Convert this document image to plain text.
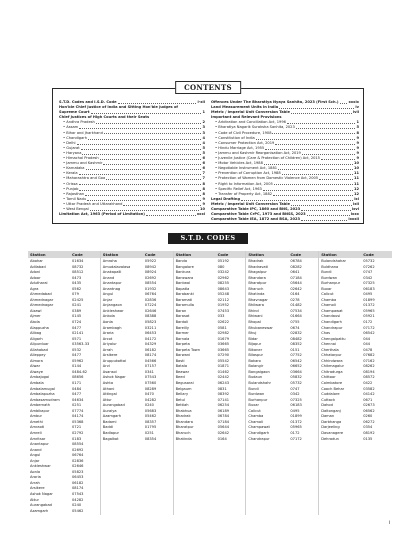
CONTENTS
S.T.D. Codes and I.S.D. Code	i-xii
Hon'ble Chief Justice of India and Sitting Hon'ble Judges of
Supreme Court	1
Chief Justices of High Courts and their Seats
• Andhra Pradesh	2
• Assam	3
• Bihar and Jharkhand	3
• Chandigarh	4
• Delhi	4
• Gujarat	5
• Haryana	5
• Himachal Pradesh	6
• Jammu and Kashmir	6
• Karnataka	6
• Kerala	7
• Maharashtra and Goa	7
• Orissa	8
• Punjab	8
• Rajasthan	8
• Tamil Nadu	9
• Uttar Pradesh and Uttarakhand	9
• West Bengal	10
Limitation Act, 1963 (Period of Limitation)	xxxi
Offences Under The Bharatiya Nyaya Sanhita, 2023 (First Sch.)	xxxix
Land Measurement Units in India	lv
Metric / Imperial Unit Conversion Table	lvii
Important and Relevant Provisions
• Arbitration and Conciliation Act, 1996	1
• Bharatiya Nagarik Suraksha Sanhita, 2023	5
• Code of Civil Procedure, 1908	8
• Constitution of India	9
• Consumer Protection Act, 2019	9
• Hindu Marriage Act, 1955	9
• Jammu and Kashmir Reorganisation Act, 2019	9
• Juvenile Justice (Care & Protection of Children) Act, 2015	9
• Motor Vehicles Act, 1988	10
• Negotiable Instrument Act, 1881	10
• Prevention of Corruption Act, 1988	11
• Protection of Women from Domestic Violence Act, 2005	11
• Right to Information Act, 2005	11
• Specific Relief Act, 1963	12
• Transfer of Property Act, 1882	12
Legal Drafting	lxi
Metric / Imperial Unit Conversion Table	lxii
Comparative Table IPC, 1860 and BNS, 2023	lxvi
Comparative Table CrPC, 1973 and BNSS, 2023	lxxx
Comparative Table IEA, 1872 and BSA, 2023	lxxxii
S.T.D. CODES
Station	Code	Station	Code	Station	Code	Station	Code	Station	Code
Abohar	01634
Adilabad	08732
Adoni	08512
Adoor	0473
Adutharai	0435
Agra	0562
Ahmedabad	079
Ahmednagar	02425
Ahmednagar	0241
Aizawl	0389
Ajmer	0145
Akola	0724
Alappuzha	0477
Alibag	02141
Aligarh	0571
Alipurduar	03563-33
Allahabad	0532
Alleppey	0477
Almora	05962
Alwar	0144
Alwaye	0484-62
Ambajogai	08656
Ambala	0171
Ambalamugal	0484
Ambalapuzha	0477
Ambasamudram	04634
Ambernath	0251
Ambikapur	07774
Ambur	04174
Amethi	05368
Amraoti	0721
Amreli	02792
Amritsar	0183
Anantapur	08554
Anand	02692
Angul	06764
Anjar	02836
Ankleshwar	02646
Aonla	05823
Araria	06453
Arrah	06182
Arsikere	08174
Ashok Nagar	07543
Attur	04282
Aurangabad	0240
Azamgarh	05462
Amroha	05922
Amudalavalasa	08942
Anakapalli	08924
Anand	02692
Anantapur	08554
Anantnag	01932
Angul	06764
Anjar	02836
Anjangaon	07224
Ankleshwar	02646
Ankola	08388
Aonla	05823
Arambagh	03211
Araria	06453
Arcot	04172
Ariyalur	04329
Arrah	06182
Arsikere	08174
Aruppukottai	04566
Arvi	07157
Asansol	0341
Ashok Nagar	07543
Ashta	07560
Athani	08289
Attingal	0470
Attur	04282
Aurangabad	0240
Auraiya	05683
Azamgarh	05462
Badami	08357
Baddi	01795
Badlapur	0251
Bagalkot	08354
Banda	05192
Bangalore	080
Bankura	03242
Banswara	02962
Bantwal	08255
Bapatla	08643
Barabanki	05248
Baramati	02112
Baramulla	01952
Baran	07453
Barasat	033
Bardoli	02622
Bareilly	0581
Barmer	02982
Barnala	01679
Barpeta	03665
Barpeta Town	03665
Barwani	07290
Basti	05542
Batala	01871
Beawar	01462
Beed	02442
Begusarai	06243
Belgaum	0831
Bellary	08392
Betul	07141
Bettiah	06254
Bhabhua	06189
Bhadrak	06784
Bhandara	07184
Bharatpur	05644
Bharuch	02642
Bhatinda	0164
Bhadrak	06784
Bhadravati	08282
Bhagalpur	0641
Bhandara	07184
Bharatpur	05644
Bharuch	02642
Bhatinda	0164
Bhavnagar	0278
Bhilwara	01482
Bhind	07534
Bhiwani	01664
Bhopal	0755
Bhubaneswar	0674
Bhuj	02832
Bidar	08482
Bijapur	08352
Bikaner	0151
Bilaspur	07752
Bokaro	06542
Bolangir	06652
Bongaigaon	03664
Budaun	05832
Bulandshahr	05732
Bundi	0747
Burdwan	0342
Burhanpur	07325
Buxar	06183
Calicut	0495
Chamba	01899
Chamoli	01372
Champawat	05965
Chandigarh	0172
Chandrapur	07172
Bulandshahar	05732
Buldhana	07262
Bundi	0747
Burdwan	0342
Burhanpur	07325
Buxar	06183
Calicut	0495
Chamba	01899
Chamoli	01372
Champawat	05965
Chandausi	05921
Chandigarh	0172
Chandrapur	07172
Chas	06542
Chengalpattu	044
Chennai	044
Cherthala	0478
Chhatarpur	07682
Chhindwara	07162
Chikmagalur	08262
Chitradurga	08194
Chittoor	08572
Coimbatore	0422
Cooch Behar	03582
Cuddalore	04142
Cuttack	0671
Dahod	02673
Daltonganj	06562
Daman	0260
Darbhanga	06272
Darjeeling	0354
Davanagere	08192
Dehradun	0135
I
